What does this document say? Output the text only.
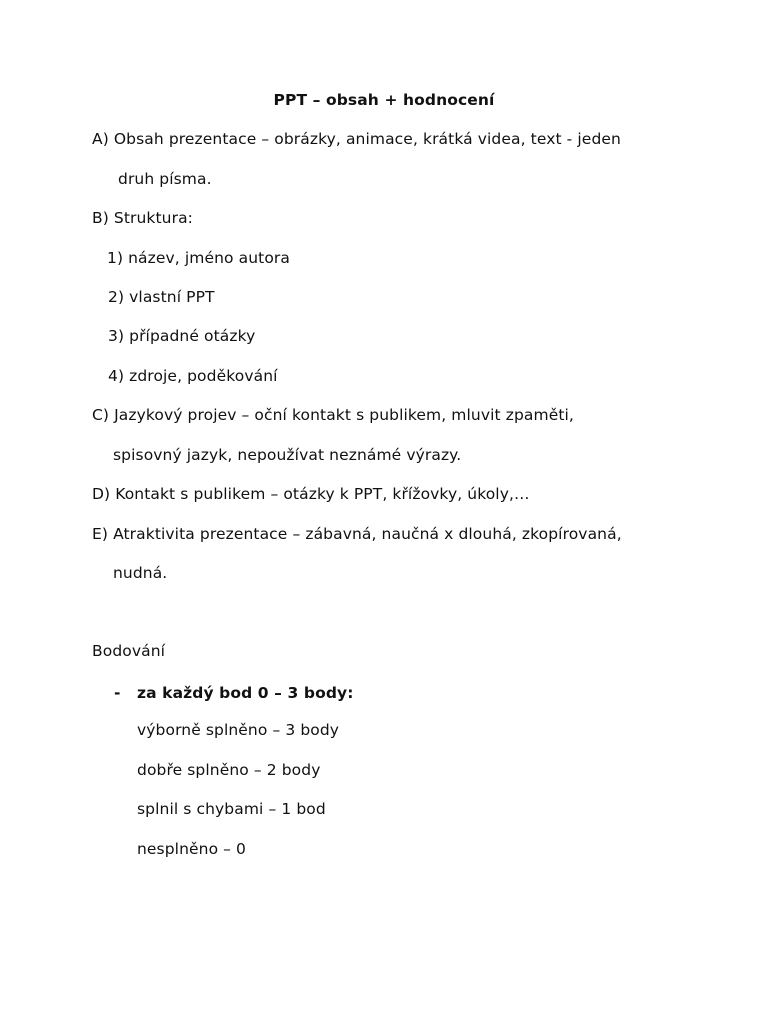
PPT – obsah + hodnocení
A) Obsah prezentace – obrázky, animace, krátká videa, text - jeden
druh písma.
B) Struktura:
1) název, jméno autora
2) vlastní PPT
3) případné otázky
4) zdroje, poděkování
C) Jazykový projev – oční kontakt s publikem, mluvit zpaměti,
spisovný jazyk, nepoužívat neznámé výrazy.
D) Kontakt s publikem – otázky k PPT, křížovky, úkoly,…
E) Atraktivita prezentace – zábavná, naučná x dlouhá, zkopírovaná,
nudná.
Bodování
- za každý bod 0 – 3 body:
výborně splněno – 3 body
dobře splněno – 2 body
splnil s chybami – 1 bod
nesplněno – 0
